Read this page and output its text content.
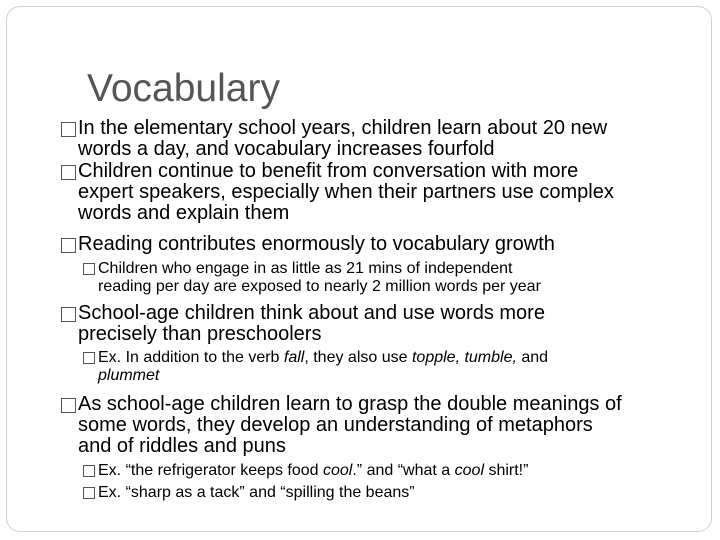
Vocabulary
In the elementary school years, children learn about 20 new
words a day, and vocabulary increases fourfold
Children continue to benefit from conversation with more
expert speakers, especially when their partners use complex
words and explain them
Reading contributes enormously to vocabulary growth
Children who engage in as little as 21 mins of independent
reading per day are exposed to nearly 2 million words per year
School-age children think about and use words more
precisely than preschoolers
Ex. In addition to the verb fall, they also use topple, tumble, and
plummet
As school-age children learn to grasp the double meanings of
some words, they develop an understanding of metaphors
and of riddles and puns
Ex. “the refrigerator keeps food cool.” and “what a cool shirt!”
Ex. “sharp as a tack” and “spilling the beans”
